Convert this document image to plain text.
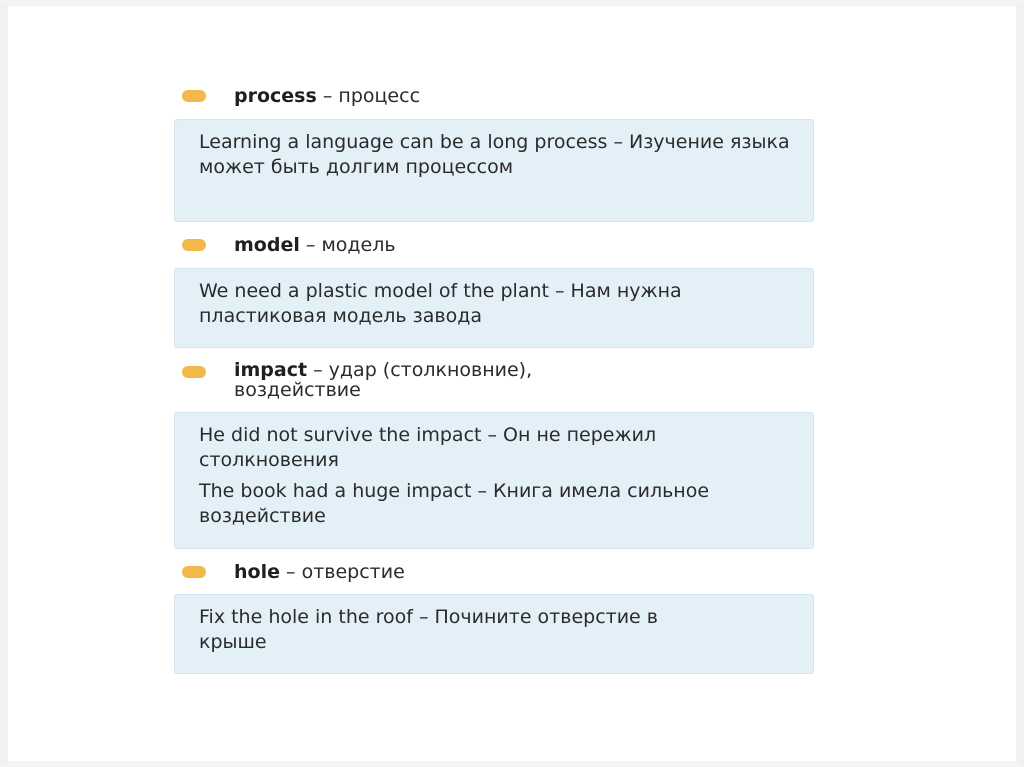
process – процесс
Learning a language can be a long process – Изучение языка может быть долгим процессом
model – модель
We need a plastic model of the plant – Нам нужна пластиковая модель завода
impact – удар (столкновние), воздействие
He did not survive the impact – Он не пережил столкновения
The book had a huge impact – Книга имела сильное воздействие
hole – отверстие
Fix the hole in the roof – Почините отверстие в крыше
